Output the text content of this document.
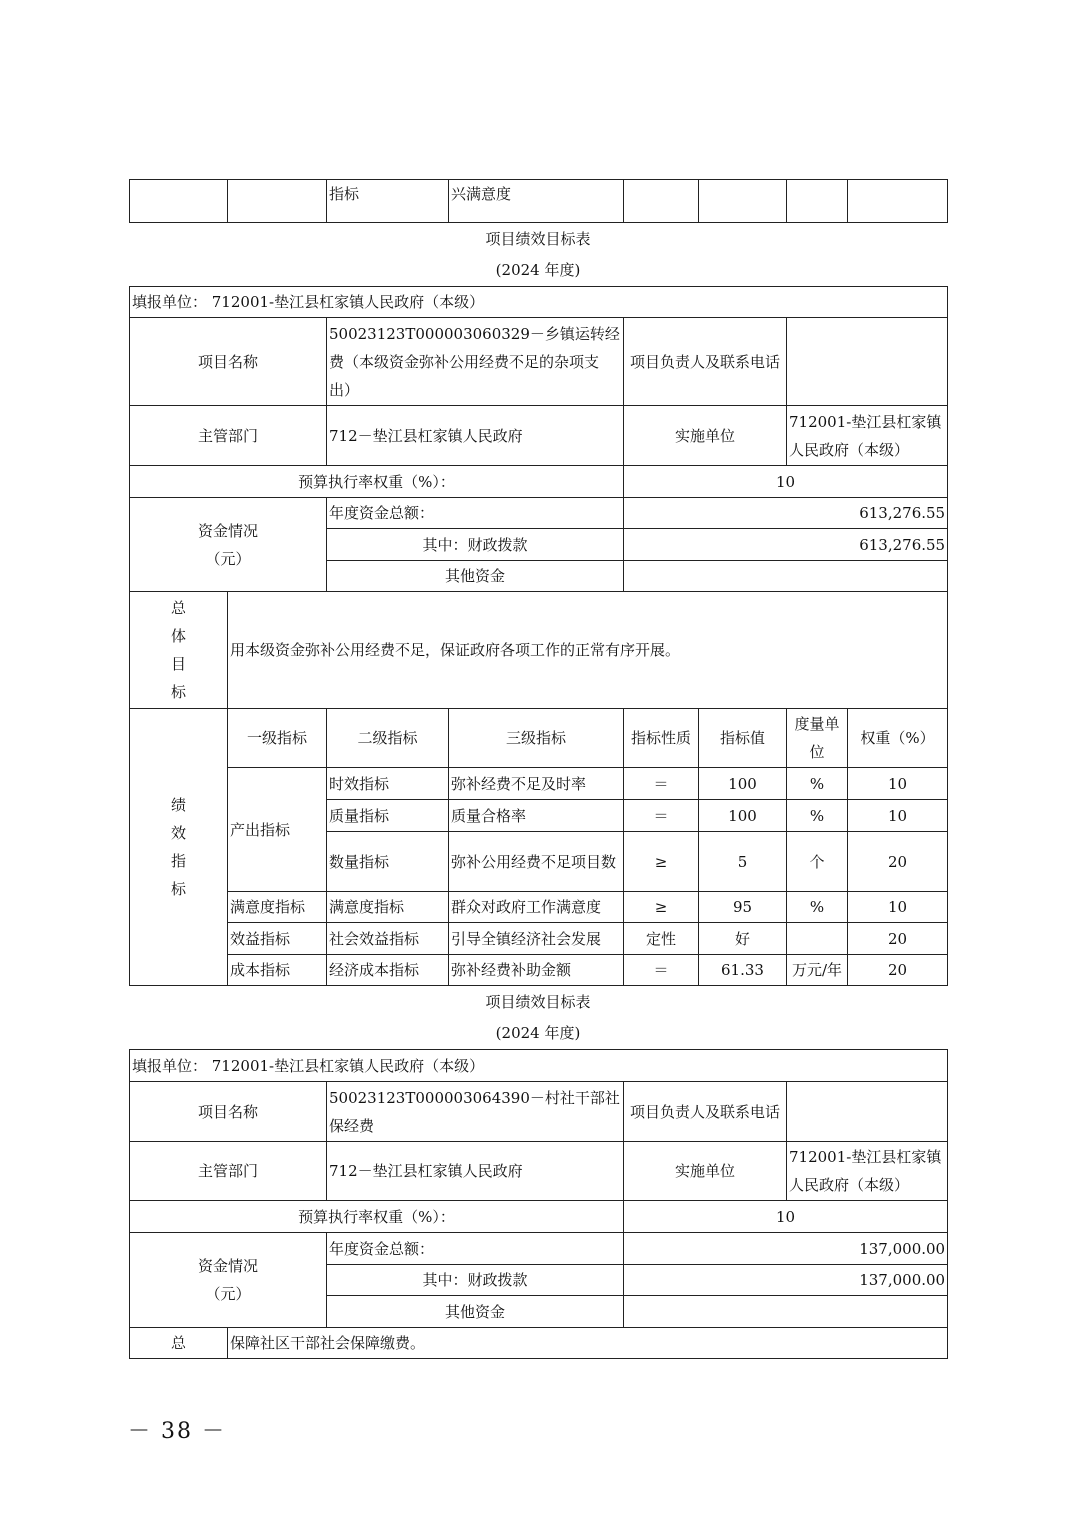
		指标	兴满意度				
项目绩效目标表
(2024 年度)
填报单位： 712001-垫江县杠家镇人民政府（本级）							
项目名称		50023123T000003060329－乡镇运转经费（本级资金弥补公用经费不足的杂项支出）		项目负责人及联系电话			
主管部门		712－垫江县杠家镇人民政府		实施单位		712001-垫江县杠家镇人民政府（本级）	
预算执行率权重（%）：				10			

资金情况
（元）		年度资金总额：		613,276.55			
		其中：财政拨款		613,276.55			
		其他资金					

总
体
目
标	用本级资金弥补公用经费不足，保证政府各项工作的正常有序开展。						

绩
效
指
标	一级指标	二级指标	三级指标	指标性质	指标值	度量单位	权重（%）
	产出指标	时效指标	弥补经费不足及时率	＝	100	%	10
		质量指标	质量合格率	＝	100	%	10
		数量指标	弥补公用经费不足项目数	≥	5	个	20
	满意度指标	满意度指标	群众对政府工作满意度	≥	95	%	10
	效益指标	社会效益指标	引导全镇经济社会发展	定性	好		20
	成本指标	经济成本指标	弥补经费补助金额	＝	61.33	万元/年	20
项目绩效目标表
(2024 年度)
填报单位： 712001-垫江县杠家镇人民政府（本级）				
项目名称		50023123T000003064390－村社干部社保经费	项目负责人及联系电话	
主管部门		712－垫江县杠家镇人民政府	实施单位	712001-垫江县杠家镇人民政府（本级）
预算执行率权重（%）：			10	

资金情况
（元）		年度资金总额：	137,000.00	
		其中：财政拨款	137,000.00	
		其他资金		
总	保障社区干部社会保障缴费。			
－ 38 －
